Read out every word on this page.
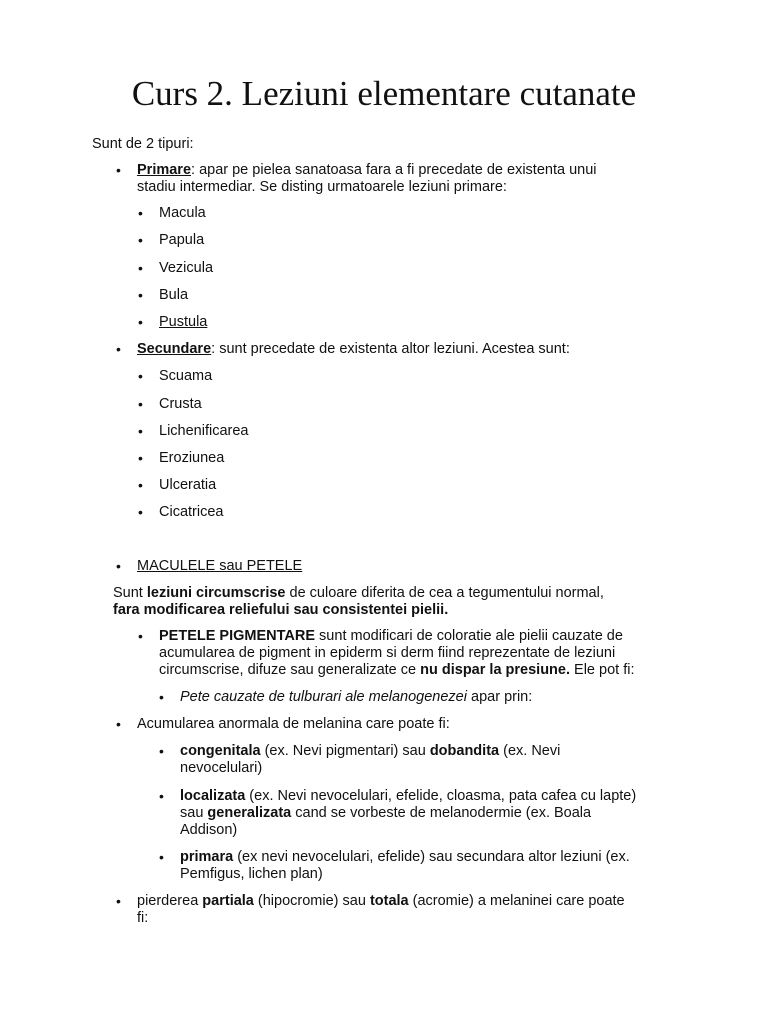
Curs 2. Leziuni elementare cutanate
Sunt de 2 tipuri:
• Primare: apar pe pielea sanatoasa fara a fi precedate de existenta unui
stadiu intermediar. Se disting urmatoarele leziuni primare:
• Macula
• Papula
• Vezicula
• Bula
• Pustula
• Secundare: sunt precedate de existenta altor leziuni. Acestea sunt:
• Scuama
• Crusta
• Lichenificarea
• Eroziunea
• Ulceratia
• Cicatricea
• MACULELE sau PETELE
Sunt leziuni circumscrise de culoare diferita de cea a tegumentului normal,
fara modificarea reliefului sau consistentei pielii.
• PETELE PIGMENTARE sunt modificari de coloratie ale pielii cauzate de
acumularea de pigment in epiderm si derm fiind reprezentate de leziuni
circumscrise, difuze sau generalizate ce nu dispar la presiune. Ele pot fi:
• Pete cauzate de tulburari ale melanogenezei apar prin:
• Acumularea anormala de melanina care poate fi:
• congenitala (ex. Nevi pigmentari) sau dobandita (ex. Nevi
nevocelulari)
• localizata (ex. Nevi nevocelulari, efelide, cloasma, pata cafea cu lapte)
sau generalizata cand se vorbeste de melanodermie (ex. Boala
Addison)
• primara (ex nevi nevocelulari, efelide) sau secundara altor leziuni (ex.
Pemfigus, lichen plan)
• pierderea partiala (hipocromie) sau totala (acromie) a melaninei care poate
fi:
